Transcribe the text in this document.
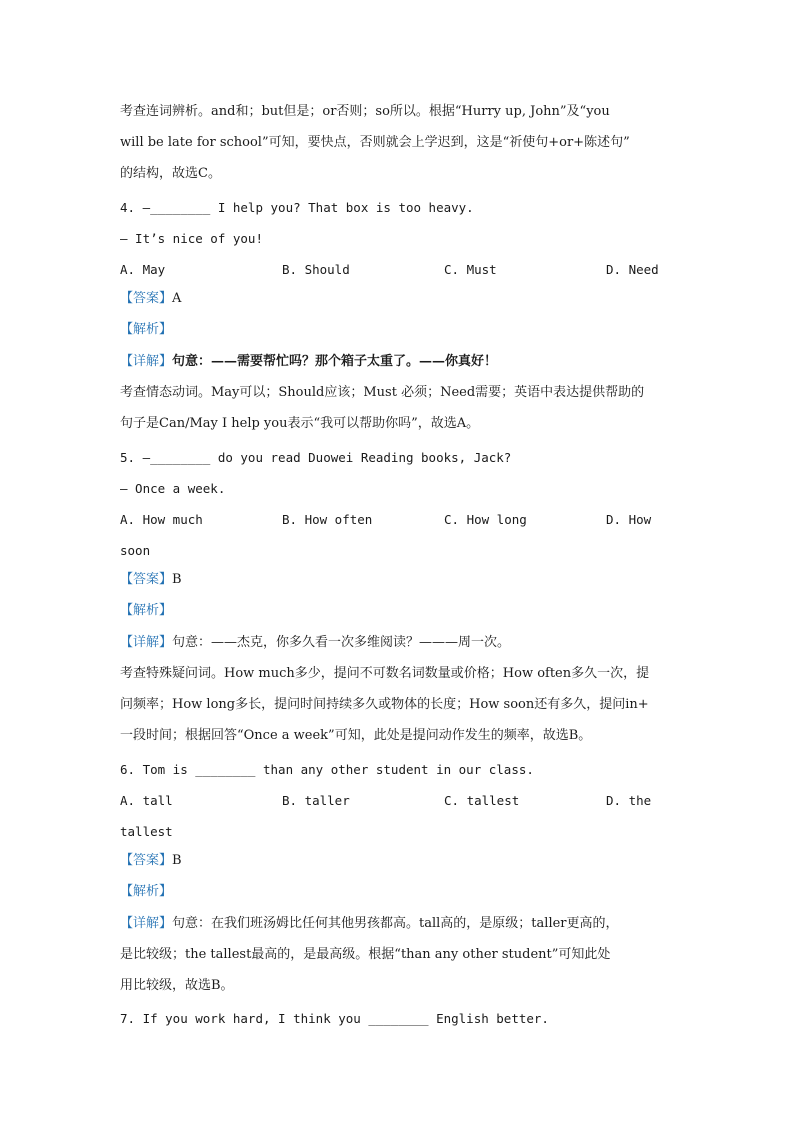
考查连词辨析。and和；but但是；or否则；so所以。根据“Hurry up, John”及“you
will be late for school”可知，要快点，否则就会上学迟到，这是“祈使句+or+陈述句”
的结构，故选C。
4. —________ I help you? That box is too heavy.
— It’s nice of you!
A. May	B. Should	C. Must	D. Need
【答案】A
【解析】
【详解】句意：——需要帮忙吗？那个箱子太重了。——你真好！
考查情态动词。May可以；Should应该；Must 必须；Need需要；英语中表达提供帮助的
句子是Can/May I help you表示“我可以帮助你吗”，故选A。
5. —________ do you read Duowei Reading books, Jack?
— Once a week.
A. How much	B. How often	C. How long	D. How
soon
【答案】B
【解析】
【详解】句意：——杰克，你多久看一次多维阅读？———周一次。
考查特殊疑问词。How much多少，提问不可数名词数量或价格；How often多久一次，提
问频率；How long多长，提问时间持续多久或物体的长度；How soon还有多久，提问in+
一段时间；根据回答“Once a week”可知，此处是提问动作发生的频率，故选B。
6. Tom is ________ than any other student in our class.
A. tall	B. taller	C. tallest	D. the
tallest
【答案】B
【解析】
【详解】句意：在我们班汤姆比任何其他男孩都高。tall高的，是原级；taller更高的，
是比较级；the tallest最高的，是最高级。根据“than any other student”可知此处
用比较级，故选B。
7. If you work hard, I think you ________ English better.
